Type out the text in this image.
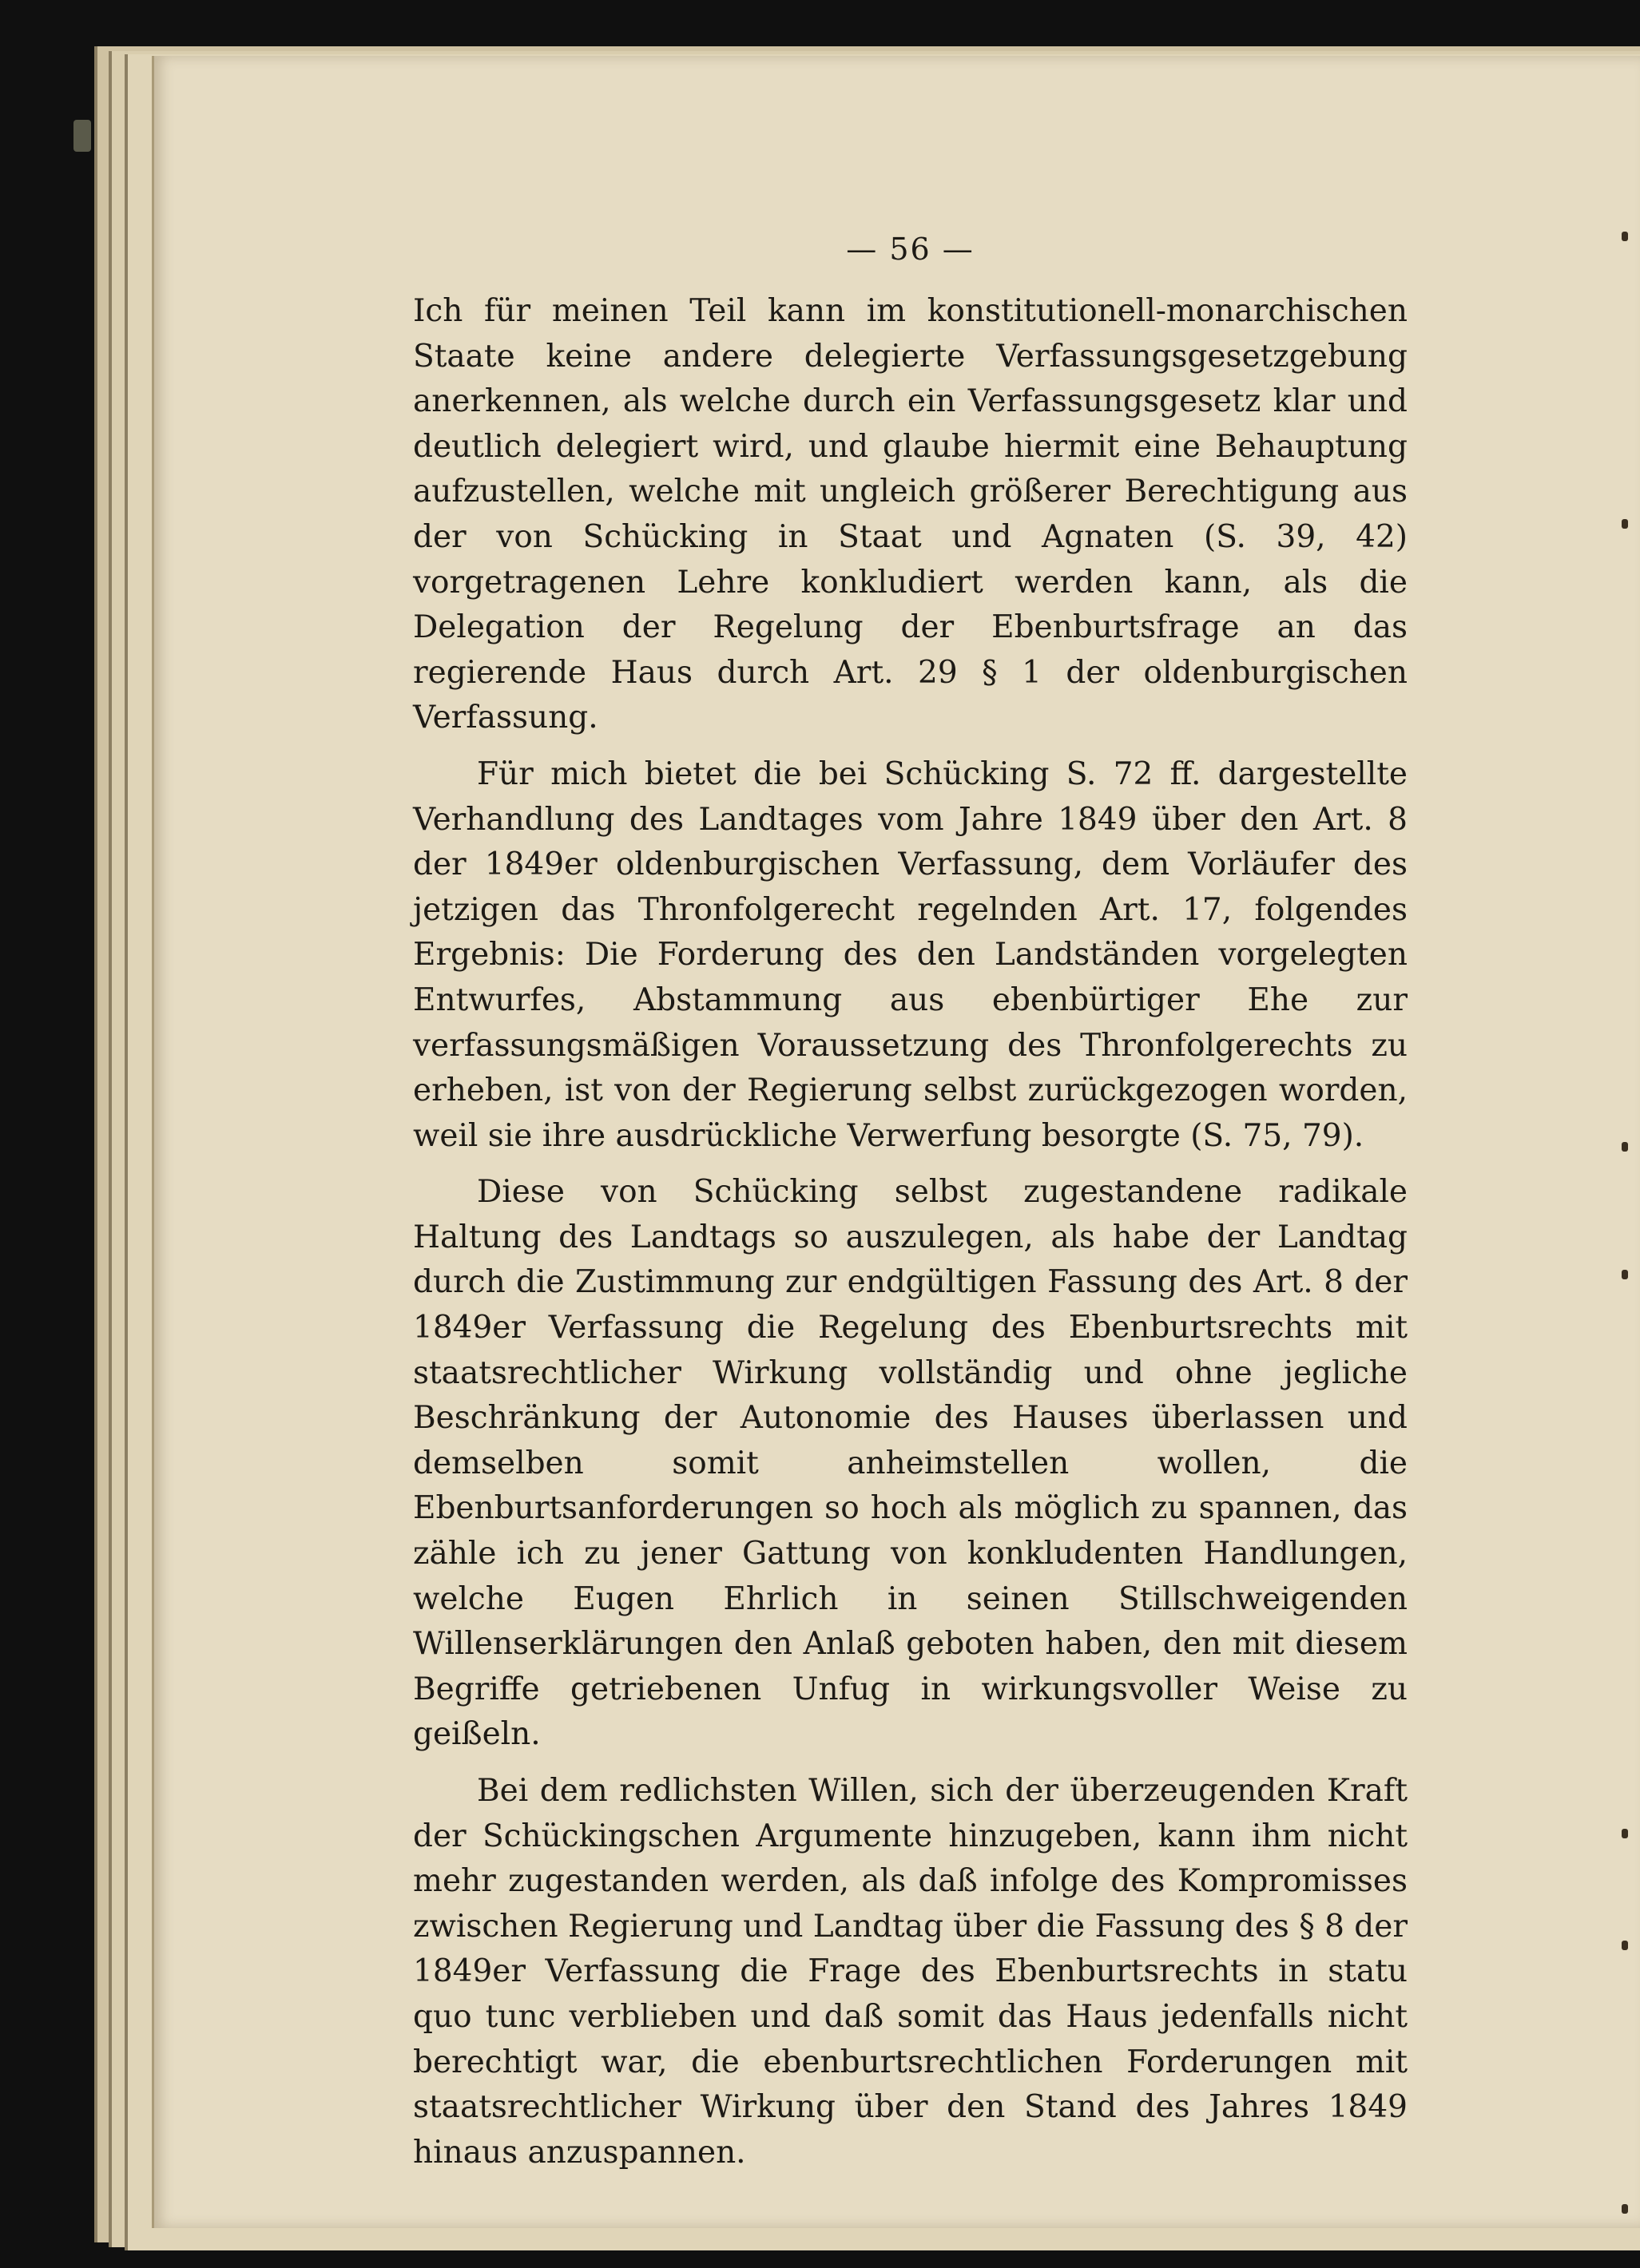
— 56 —

Ich für meinen Teil kann im konstitutionell-monarchischen Staate keine andere delegierte Verfassungsgesetzgebung anerkennen, als welche durch ein Verfassungsgesetz klar und deutlich delegiert wird, und glaube hiermit eine Behauptung aufzustellen, welche mit ungleich größerer Berechtigung aus der von Schücking in Staat und Agnaten (S. 39, 42) vorgetragenen Lehre konkludiert werden kann, als die Delegation der Regelung der Ebenburtsfrage an das regierende Haus durch Art. 29 § 1 der oldenburgischen Verfassung.

Für mich bietet die bei Schücking S. 72 ff. dargestellte Verhandlung des Landtages vom Jahre 1849 über den Art. 8 der 1849er oldenburgischen Verfassung, dem Vorläufer des jetzigen das Thronfolgerecht regelnden Art. 17, folgendes Ergebnis: Die Forderung des den Landständen vorgelegten Entwurfes, Abstammung aus ebenbürtiger Ehe zur verfassungsmäßigen Voraussetzung des Thronfolgerechts zu erheben, ist von der Regierung selbst zurückgezogen worden, weil sie ihre ausdrückliche Verwerfung besorgte (S. 75, 79).

Diese von Schücking selbst zugestandene radikale Haltung des Landtags so auszulegen, als habe der Landtag durch die Zustimmung zur endgültigen Fassung des Art. 8 der 1849er Verfassung die Regelung des Ebenburtsrechts mit staatsrechtlicher Wirkung vollständig und ohne jegliche Beschränkung der Autonomie des Hauses überlassen und demselben somit anheimstellen wollen, die Ebenburtsanforderungen so hoch als möglich zu spannen, das zähle ich zu jener Gattung von konkludenten Handlungen, welche Eugen Ehrlich in seinen Stillschweigenden Willenserklärungen den Anlaß geboten haben, den mit diesem Begriffe getriebenen Unfug in wirkungsvoller Weise zu geißeln.

Bei dem redlichsten Willen, sich der überzeugenden Kraft der Schückingschen Argumente hinzugeben, kann ihm nicht mehr zugestanden werden, als daß infolge des Kompromisses zwischen Regierung und Landtag über die Fassung des § 8 der 1849er Verfassung die Frage des Ebenburtsrechts in statu quo tunc verblieben und daß somit das Haus jedenfalls nicht berechtigt war, die ebenburtsrechtlichen Forderungen mit staatsrechtlicher Wirkung über den Stand des Jahres 1849 hinaus anzuspannen.
